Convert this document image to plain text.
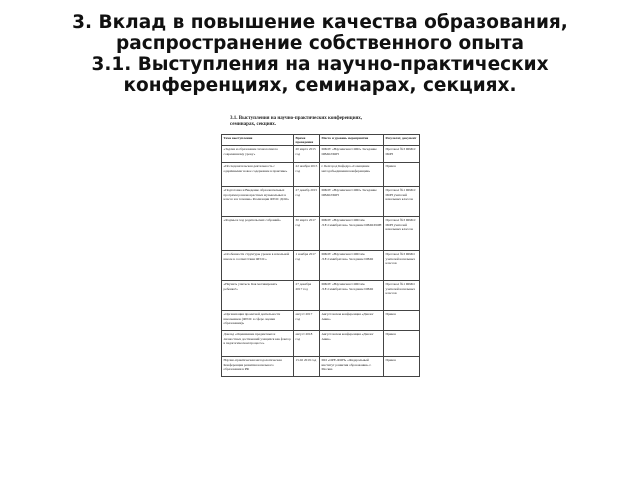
3. Вклад в повышение качества образования,
распространение собственного опыта
3.1. Выступления на научно-практических
конференциях, семинарах, секциях.
3.1. Выступления на научно-практических конференциях,
семинарах, секциях.
Тема выступления	Время проведения	Место и уровень мероприятия	Результат, документ
«Задачи и образование технологии по современному уроку»	20 марта 2015 год	МБОУ «Научинская СОШ» Заседание ШМО/ИОН	Протокол №3 ШМО/ИОН
«Исследовательская деятельность с одарёнными/ новое содержание в практике»	22 ноября 2015 год	г. Белгород Кафедра «Совещание методобъединения конференции»	Приказ
«Подготовка и Введение образовательных программ разновозрастных музыкальных в классе и в течение» Реализация ФГОС ДОО»	27 декабр 2015 год	МБОУ «Научинская СОШ» Заседание ШМО/ИОН	Протокол №1 ШМО/ИОН учителей начальных классов
«Формы и ход родительских собраний»	30 марта 2017 год	МБОУ «Научинская СОШ им. Л.Е.Семибратова» Заседание ШМО/ИОН	Протокол №3 ШМО/ИОН учителей начальных классов
«Особенности структуры уроков в начальной школе в соответствии ФГОС»	1 ноября 2017 год	МБОУ «Научинская СОШ им. Л.Е.Семибратова» Заседание ШМО	Протокол №3 ШМО учителей начальных классов
«Научить учиться. Как мотивировать ребенка?»	27 декабря 2017 год	МБОУ «Научинская СОШ им. Л.Е.Семибратова» Заседание ШМО	Протокол №1 ШМО учителей начальных классов
«Организация проектной деятельности школьников (ФГОС в сфере оценки образования)»	август 2017 год	Августовская конференция «Диалог Авик»	Приказ
Доклад «Оценивание предметных и личностных достижений учащихся как фактор в педагогическом процессе»	август 2018 год	Августовская конференция «Диалог Авик»	Приказ
Научно-практическая методологическая Конференция развития начального образования в РФ	15.02 2019 год	МО «ОРЕ-ФОН» «Федеральный институт развития образования» г. Москва	Приказ
